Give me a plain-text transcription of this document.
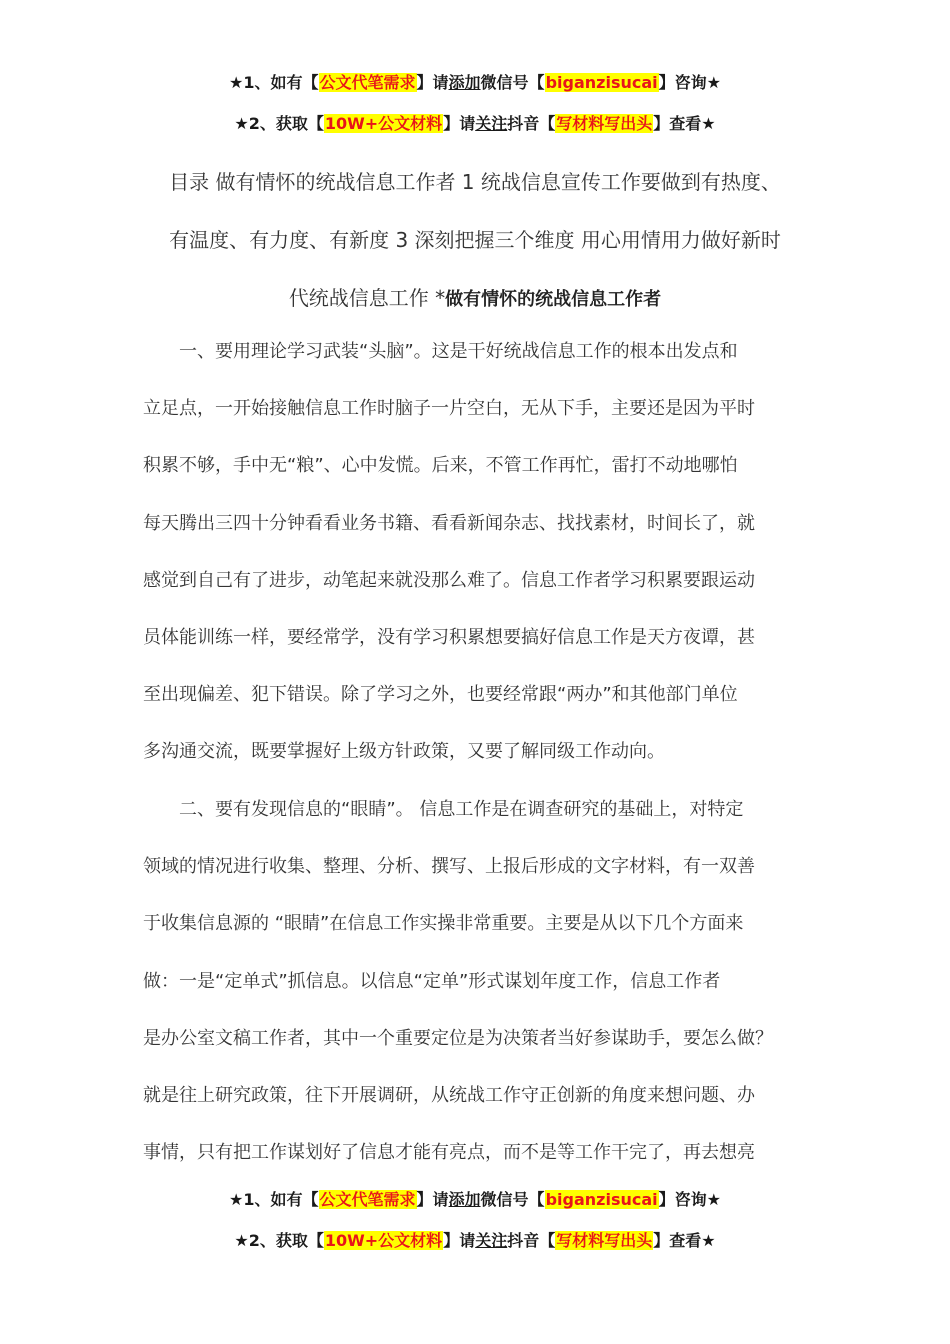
★1、如有【公文代笔需求】请添加微信号【biganzisucai】咨询★
★2、获取【10W+公文材料】请关注抖音【写材料写出头】查看★
目录 做有情怀的统战信息工作者 1 统战信息宣传工作要做到有热度、
有温度、有力度、有新度 3 深刻把握三个维度 用心用情用力做好新时
代统战信息工作 *做有情怀的统战信息工作者
　　一、要用理论学习武装“头脑”。这是干好统战信息工作的根本出发点和
立足点，一开始接触信息工作时脑子一片空白，无从下手，主要还是因为平时
积累不够，手中无“粮”、心中发慌。后来，不管工作再忙，雷打不动地哪怕
每天腾出三四十分钟看看业务书籍、看看新闻杂志、找找素材，时间长了，就
感觉到自己有了进步，动笔起来就没那么难了。信息工作者学习积累要跟运动
员体能训练一样，要经常学，没有学习积累想要搞好信息工作是天方夜谭，甚
至出现偏差、犯下错误。除了学习之外，也要经常跟“两办”和其他部门单位
多沟通交流，既要掌握好上级方针政策，又要了解同级工作动向。
　　二、要有发现信息的“眼睛”。 信息工作是在调查研究的基础上，对特定
领域的情况进行收集、整理、分析、撰写、上报后形成的文字材料，有一双善
于收集信息源的 “眼睛”在信息工作实操非常重要。主要是从以下几个方面来
做：一是“定单式”抓信息。以信息“定单”形式谋划年度工作，信息工作者
是办公室文稿工作者，其中一个重要定位是为决策者当好参谋助手，要怎么做？
就是往上研究政策，往下开展调研，从统战工作守正创新的角度来想问题、办
事情，只有把工作谋划好了信息才能有亮点，而不是等工作干完了，再去想亮
★1、如有【公文代笔需求】请添加微信号【biganzisucai】咨询★
★2、获取【10W+公文材料】请关注抖音【写材料写出头】查看★
